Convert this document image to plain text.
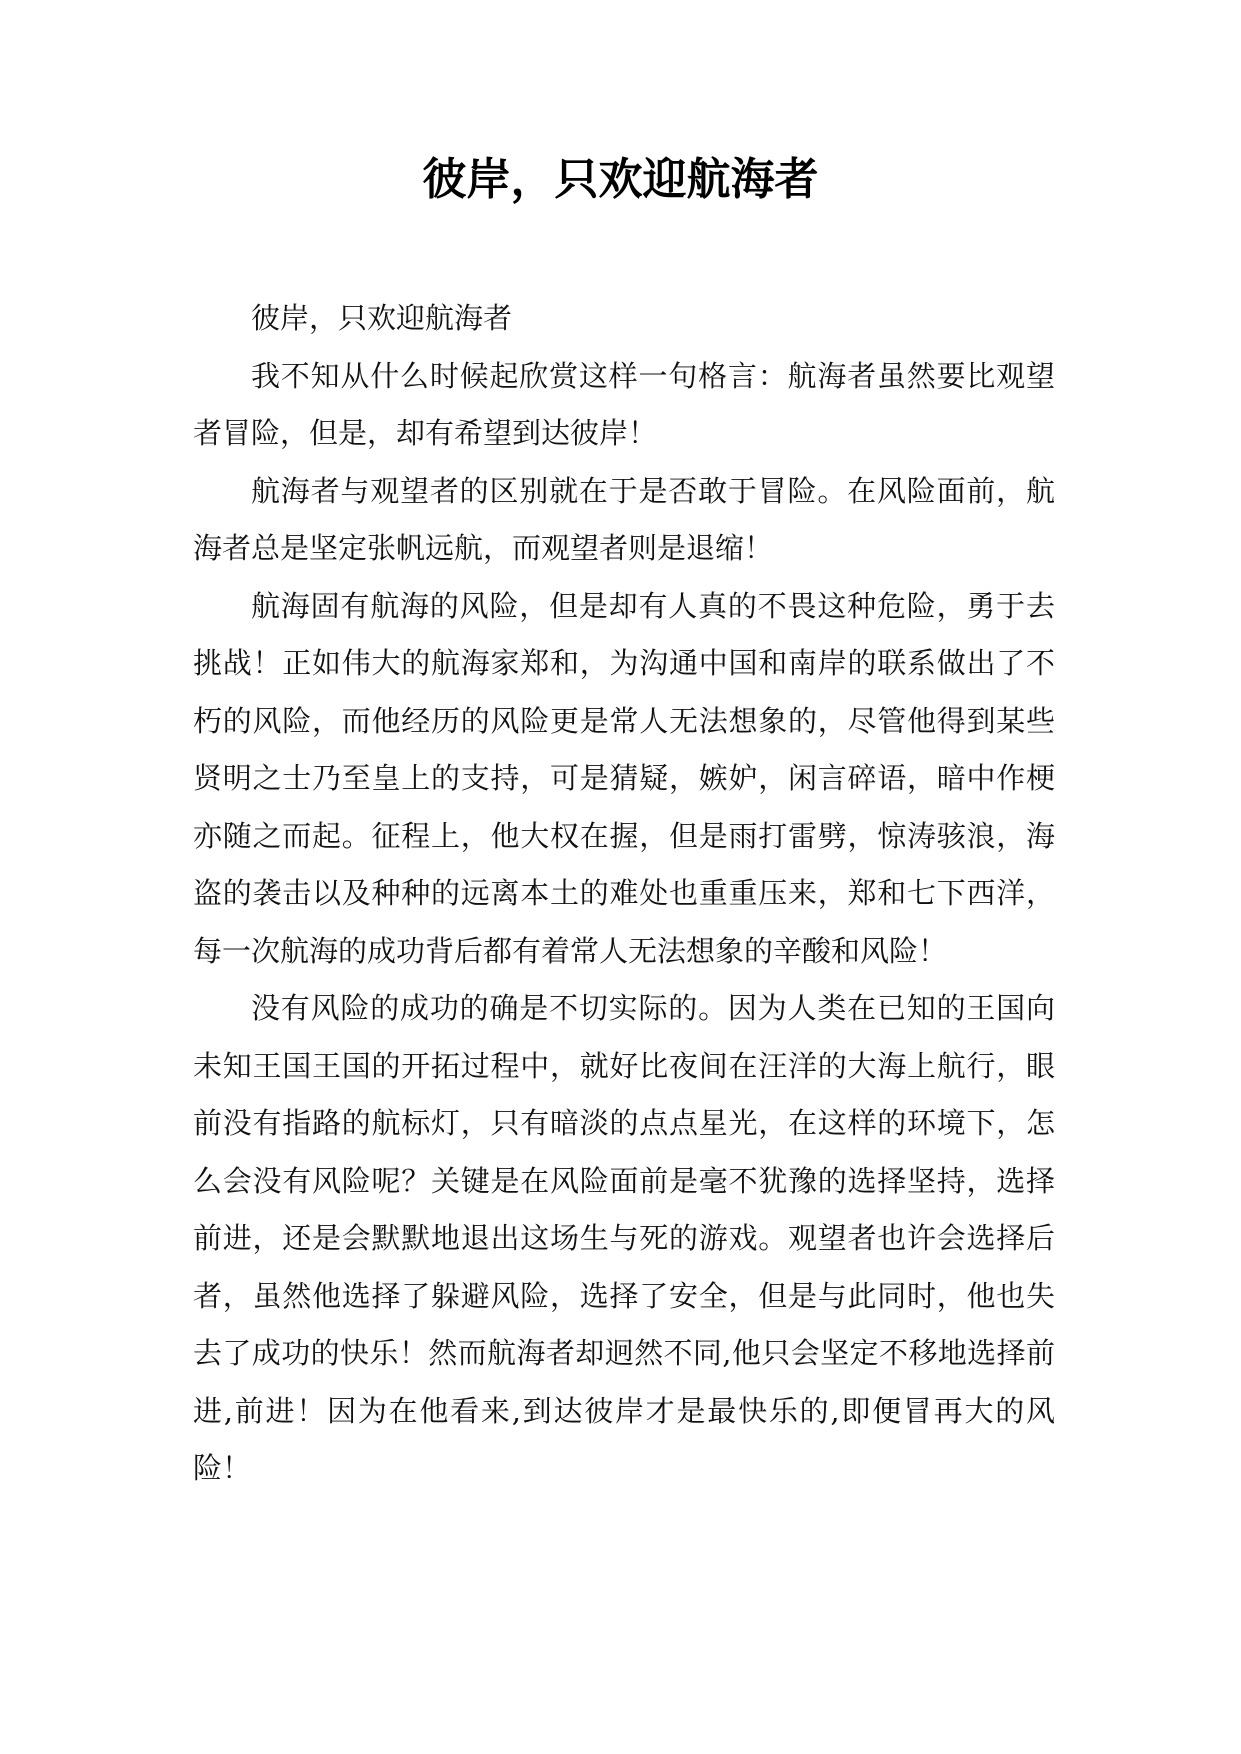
彼岸，只欢迎航海者

彼岸，只欢迎航海者

我不知从什么时候起欣赏这样一句格言：航海者虽然要比观望者冒险，但是，却有希望到达彼岸！

航海者与观望者的区别就在于是否敢于冒险。在风险面前，航海者总是坚定张帆远航，而观望者则是退缩！

航海固有航海的风险，但是却有人真的不畏这种危险，勇于去挑战！正如伟大的航海家郑和，为沟通中国和南岸的联系做出了不朽的风险，而他经历的风险更是常人无法想象的，尽管他得到某些贤明之士乃至皇上的支持，可是猜疑，嫉妒，闲言碎语，暗中作梗亦随之而起。征程上，他大权在握，但是雨打雷劈，惊涛骇浪，海盗的袭击以及种种的远离本土的难处也重重压来，郑和七下西洋，每一次航海的成功背后都有着常人无法想象的辛酸和风险！

没有风险的成功的确是不切实际的。因为人类在已知的王国向未知王国王国的开拓过程中，就好比夜间在汪洋的大海上航行，眼前没有指路的航标灯，只有暗淡的点点星光，在这样的环境下，怎么会没有风险呢？关键是在风险面前是毫不犹豫的选择坚持，选择前进，还是会默默地退出这场生与死的游戏。观望者也许会选择后者，虽然他选择了躲避风险，选择了安全，但是与此同时，他也失去了成功的快乐！然而航海者却迥然不同,他只会坚定不移地选择前进,前进！因为在他看来,到达彼岸才是最快乐的,即便冒再大的风险！
